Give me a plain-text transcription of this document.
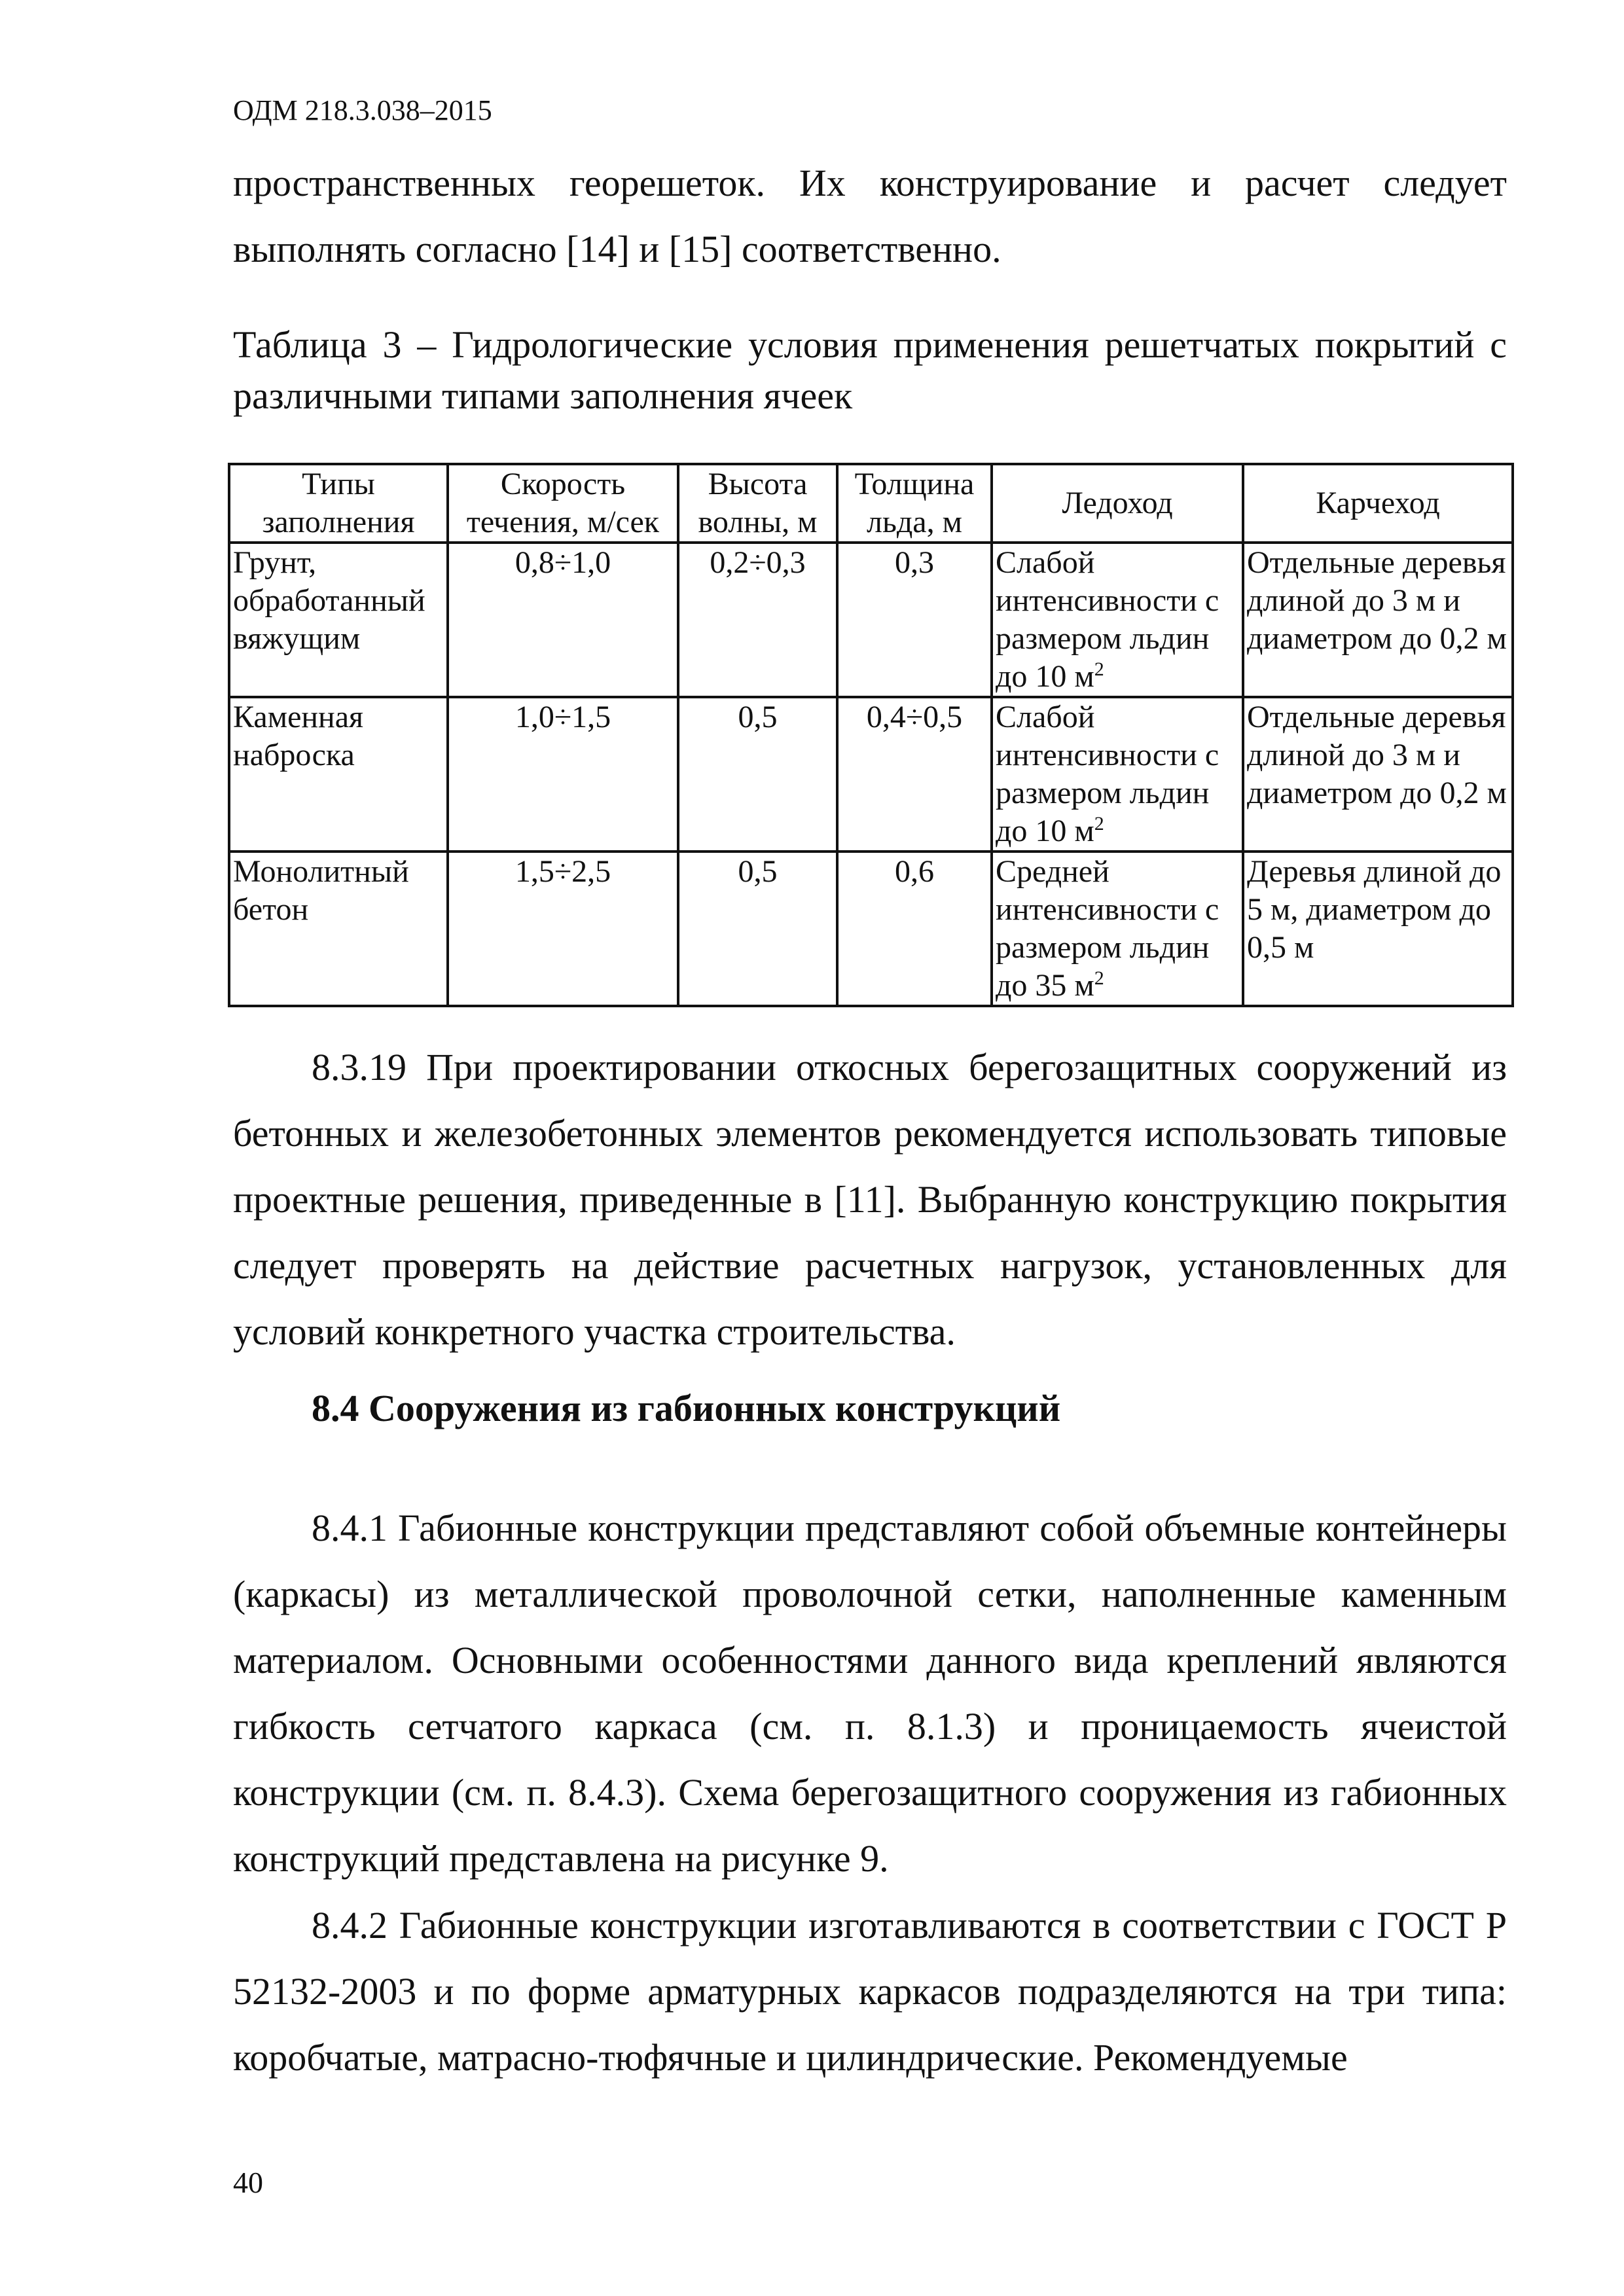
ОДМ 218.3.038–2015
пространственных георешеток. Их конструирование и расчет следует выполнять согласно [14] и [15] соответственно.
Таблица 3 – Гидрологические условия применения решетчатых покрытий с различными типами заполнения ячеек
Типы заполнения	Скорость течения, м/сек	Высота волны, м	Толщина льда, м	Ледоход	Карчеход
Грунт, обработанный вяжущим	0,8÷1,0	0,2÷0,3	0,3	Слабой интенсивности с размером льдин до 10 $м^2$	Отдельные деревья длиной до 3 м и диаметром до 0,2 м
Каменная наброска	1,0÷1,5	0,5	0,4÷0,5	Слабой интенсивности с размером льдин до 10 $м^2$	Отдельные деревья длиной до 3 м и диаметром до 0,2 м
Монолитный бетон	1,5÷2,5	0,5	0,6	Средней интенсивности с размером льдин до 35 $м^2$	Деревья длиной до 5 м, диаметром до 0,5 м
8.3.19 При проектировании откосных берегозащитных сооружений из бетонных и железобетонных элементов рекомендуется использовать типовые проектные решения, приведенные в [11]. Выбранную конструкцию покрытия следует проверять на действие расчетных нагрузок, установленных для условий конкретного участка строительства.
8.4 Сооружения из габионных конструкций
8.4.1 Габионные конструкции представляют собой объемные контейнеры (каркасы) из металлической проволочной сетки, наполненные каменным материалом. Основными особенностями данного вида креплений являются гибкость сетчатого каркаса (см. п. 8.1.3) и проницаемость ячеистой конструкции (см. п. 8.4.3). Схема берегозащитного сооружения из габионных конструкций представлена на рисунке 9.
8.4.2 Габионные конструкции изготавливаются в соответствии с ГОСТ Р 52132-2003 и по форме арматурных каркасов подразделяются на три типа: коробчатые, матрасно-тюфячные и цилиндрические. Рекомендуемые
40
